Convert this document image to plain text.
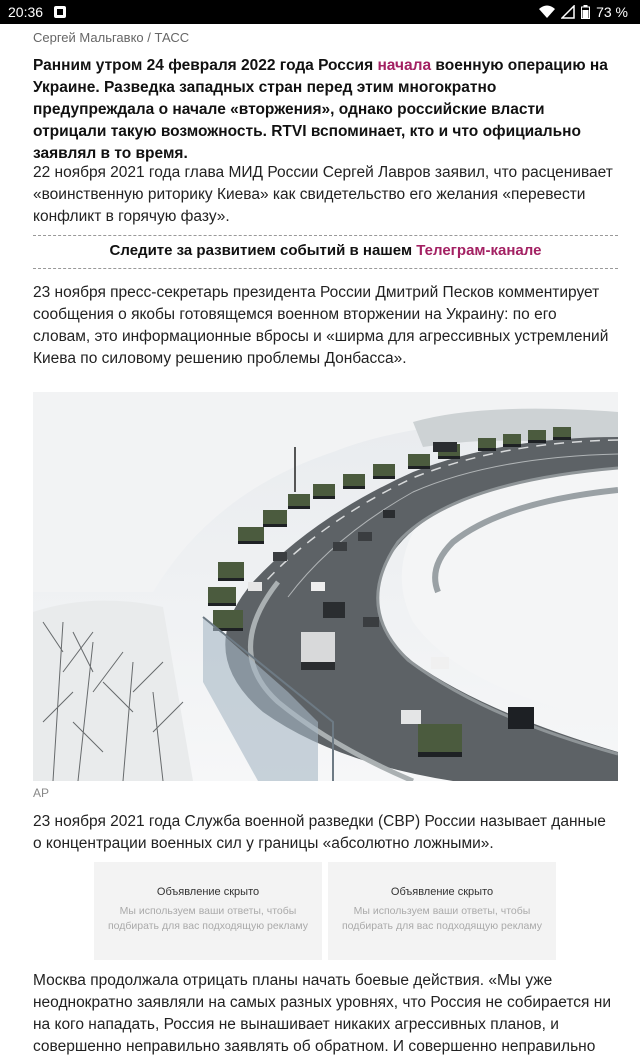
20:36	73 %
Сергей Мальгавко / ТАСС
Ранним утром 24 февраля 2022 года Россия начала военную операцию на Украине. Разведка западных стран перед этим многократно предупреждала о начале «вторжения», однако российские власти отрицали такую возможность. RTVI вспоминает, кто и что официально заявлял в то время.
22 ноября 2021 года глава МИД России Сергей Лавров заявил, что расценивает «воинственную риторику Киева» как свидетельство его желания «перевести конфликт в горячую фазу».
Следите за развитием событий в нашем Телеграм-канале
23 ноября пресс-секретарь президента России Дмитрий Песков комментирует сообщения о якобы готовящемся военном вторжении на Украину: по его словам, это информационные вбросы и «ширма для агрессивных устремлений Киева по силовому решению проблемы Донбасса».
AP
23 ноября 2021 года Служба военной разведки (СВР) России называет данные о концентрации военных сил у границы «абсолютно ложными».
Объявление скрыто
Мы используем ваши ответы, чтобы подбирать для вас подходящую рекламу
Объявление скрыто
Мы используем ваши ответы, чтобы подбирать для вас подходящую рекламу
Москва продолжала отрицать планы начать боевые действия. «Мы уже неоднократно заявляли на самых разных уровнях, что Россия не собирается ни на кого нападать, Россия не вынашивает никаких агрессивных планов, и совершенно неправильно заявлять об обратном. И совершенно неправильно
